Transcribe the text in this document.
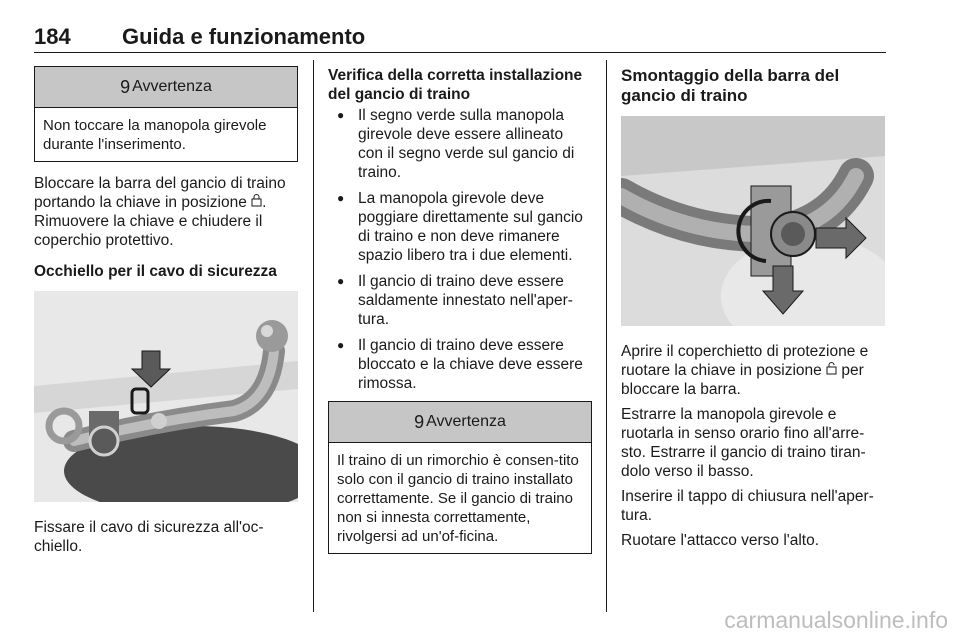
184 Guida e funzionamento
9 Avvertenza
Non toccare la manopola girevole durante l'inserimento.

Bloccare la barra del gancio di traino portando la chiave in posizione . Rimuovere la chiave e chiudere il coperchio protettivo.

Occhiello per il cavo di sicurezza

Fissare il cavo di sicurezza all'oc-chiello.

Verifica della corretta installazione del gancio di traino

● Il segno verde sulla manopola girevole deve essere allineato con il segno verde sul gancio di traino.
● La manopola girevole deve poggiare direttamente sul gancio di traino e non deve rimanere spazio libero tra i due elementi.
● Il gancio di traino deve essere saldamente innestato nell'aper-tura.
● Il gancio di traino deve essere bloccato e la chiave deve essere rimossa.
9 Avvertenza
Il traino di un rimorchio è consen-tito solo con il gancio di traino installato correttamente. Se il gancio di traino non si innesta correttamente, rivolgersi ad un'of-ficina.

Smontaggio della barra del gancio di traino

Aprire il coperchietto di protezione e ruotare la chiave in posizione  per bloccare la barra.

Estrarre la manopola girevole e ruotarla in senso orario fino all'arre-sto. Estrarre il gancio di traino tiran-dolo verso il basso.

Inserire il tappo di chiusura nell'aper-tura.

Ruotare l'attacco verso l'alto.

carmanualsonline.info
